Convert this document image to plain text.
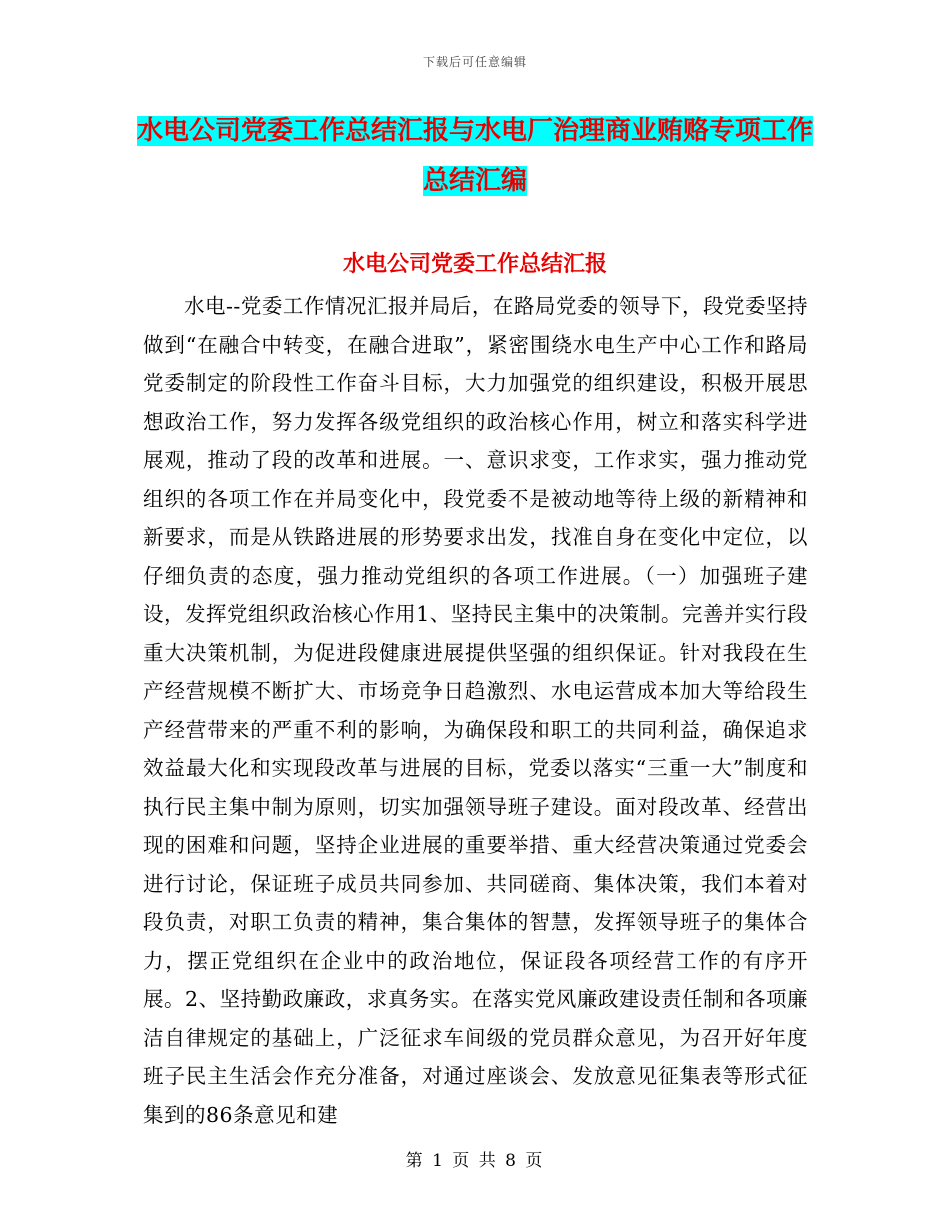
下载后可任意编辑
水电公司党委工作总结汇报与水电厂治理商业贿赂专项工作总结汇编
水电公司党委工作总结汇报

水电--党委工作情况汇报并局后，在路局党委的领导下，段党委坚持做到“在融合中转变，在融合进取”，紧密围绕水电生产中心工作和路局党委制定的阶段性工作奋斗目标，大力加强党的组织建设，积极开展思想政治工作，努力发挥各级党组织的政治核心作用，树立和落实科学进展观，推动了段的改革和进展。一、意识求变，工作求实，强力推动党组织的各项工作在并局变化中，段党委不是被动地等待上级的新精神和新要求，而是从铁路进展的形势要求出发，找准自身在变化中定位，以仔细负责的态度，强力推动党组织的各项工作进展。（一）加强班子建设，发挥党组织政治核心作用1、坚持民主集中的决策制。完善并实行段重大决策机制，为促进段健康进展提供坚强的组织保证。针对我段在生产经营规模不断扩大、市场竞争日趋激烈、水电运营成本加大等给段生产经营带来的严重不利的影响，为确保段和职工的共同利益，确保追求效益最大化和实现段改革与进展的目标，党委以落实“三重一大”制度和执行民主集中制为原则，切实加强领导班子建设。面对段改革、经营出现的困难和问题，坚持企业进展的重要举措、重大经营决策通过党委会进行讨论，保证班子成员共同参加、共同磋商、集体决策，我们本着对段负责，对职工负责的精神，集合集体的智慧，发挥领导班子的集体合力，摆正党组织在企业中的政治地位，保证段各项经营工作的有序开展。2、坚持勤政廉政，求真务实。在落实党风廉政建设责任制和各项廉洁自律规定的基础上，广泛征求车间级的党员群众意见，为召开好年度班子民主生活会作充分准备，对通过座谈会、发放意见征集表等形式征集到的86条意见和建

第 1 页 共 8 页
